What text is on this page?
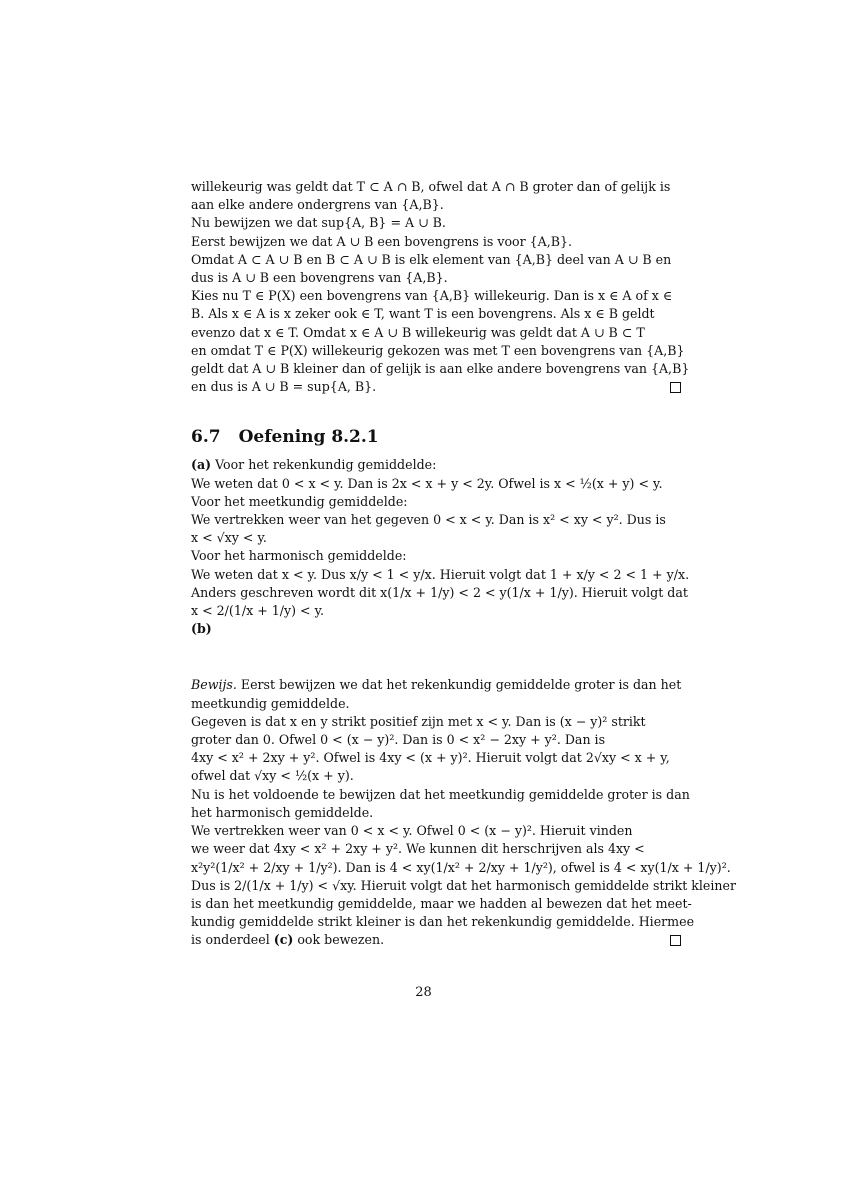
willekeurig was geldt dat T ⊂ A ∩ B, ofwel dat A ∩ B groter dan of gelijk is
aan elke andere ondergrens van {A,B}.
Nu bewijzen we dat sup{A, B} = A ∪ B.
Eerst bewijzen we dat A ∪ B een bovengrens is voor {A,B}.
Omdat A ⊂ A ∪ B en B ⊂ A ∪ B is elk element van {A,B} deel van A ∪ B en
dus is A ∪ B een bovengrens van {A,B}.
Kies nu T ∈ P(X) een bovengrens van {A,B} willekeurig. Dan is x ∈ A of x ∈
B. Als x ∈ A is x zeker ook ∈ T, want T is een bovengrens. Als x ∈ B geldt
evenzo dat x ∈ T. Omdat x ∈ A ∪ B willekeurig was geldt dat A ∪ B ⊂ T
en omdat T ∈ P(X) willekeurig gekozen was met T een bovengrens van {A,B}
geldt dat A ∪ B kleiner dan of gelijk is aan elke andere bovengrens van {A,B}
en dus is A ∪ B = sup{A, B}.
6.7 Oefening 8.2.1
(a) Voor het rekenkundig gemiddelde:
We weten dat 0 < x < y. Dan is 2x < x + y < 2y. Ofwel is x < ½(x + y) < y.
Voor het meetkundig gemiddelde:
We vertrekken weer van het gegeven 0 < x < y. Dan is x² < xy < y². Dus is
x < √xy < y.
Voor het harmonisch gemiddelde:
We weten dat x < y. Dus x/y < 1 < y/x. Hieruit volgt dat 1 + x/y < 2 < 1 + y/x.
Anders geschreven wordt dit x(1/x + 1/y) < 2 < y(1/x + 1/y). Hieruit volgt dat
x < 2/(1/x + 1/y) < y.
(b)
Bewijs. Eerst bewijzen we dat het rekenkundig gemiddelde groter is dan het
meetkundig gemiddelde.
Gegeven is dat x en y strikt positief zijn met x < y. Dan is (x − y)² strikt
groter dan 0. Ofwel 0 < (x − y)². Dan is 0 < x² − 2xy + y². Dan is
4xy < x² + 2xy + y². Ofwel is 4xy < (x + y)². Hieruit volgt dat 2√xy < x + y,
ofwel dat √xy < ½(x + y).
Nu is het voldoende te bewijzen dat het meetkundig gemiddelde groter is dan
het harmonisch gemiddelde.
We vertrekken weer van 0 < x < y. Ofwel 0 < (x − y)². Hieruit vinden
we weer dat 4xy < x² + 2xy + y². We kunnen dit herschrijven als 4xy <
x²y²(1/x² + 2/xy + 1/y²). Dan is 4 < xy(1/x² + 2/xy + 1/y²), ofwel is 4 < xy(1/x + 1/y)².
Dus is 2/(1/x + 1/y) < √xy. Hieruit volgt dat het harmonisch gemiddelde strikt kleiner
is dan het meetkundig gemiddelde, maar we hadden al bewezen dat het meet-
kundig gemiddelde strikt kleiner is dan het rekenkundig gemiddelde. Hiermee
is onderdeel (c) ook bewezen.
28
